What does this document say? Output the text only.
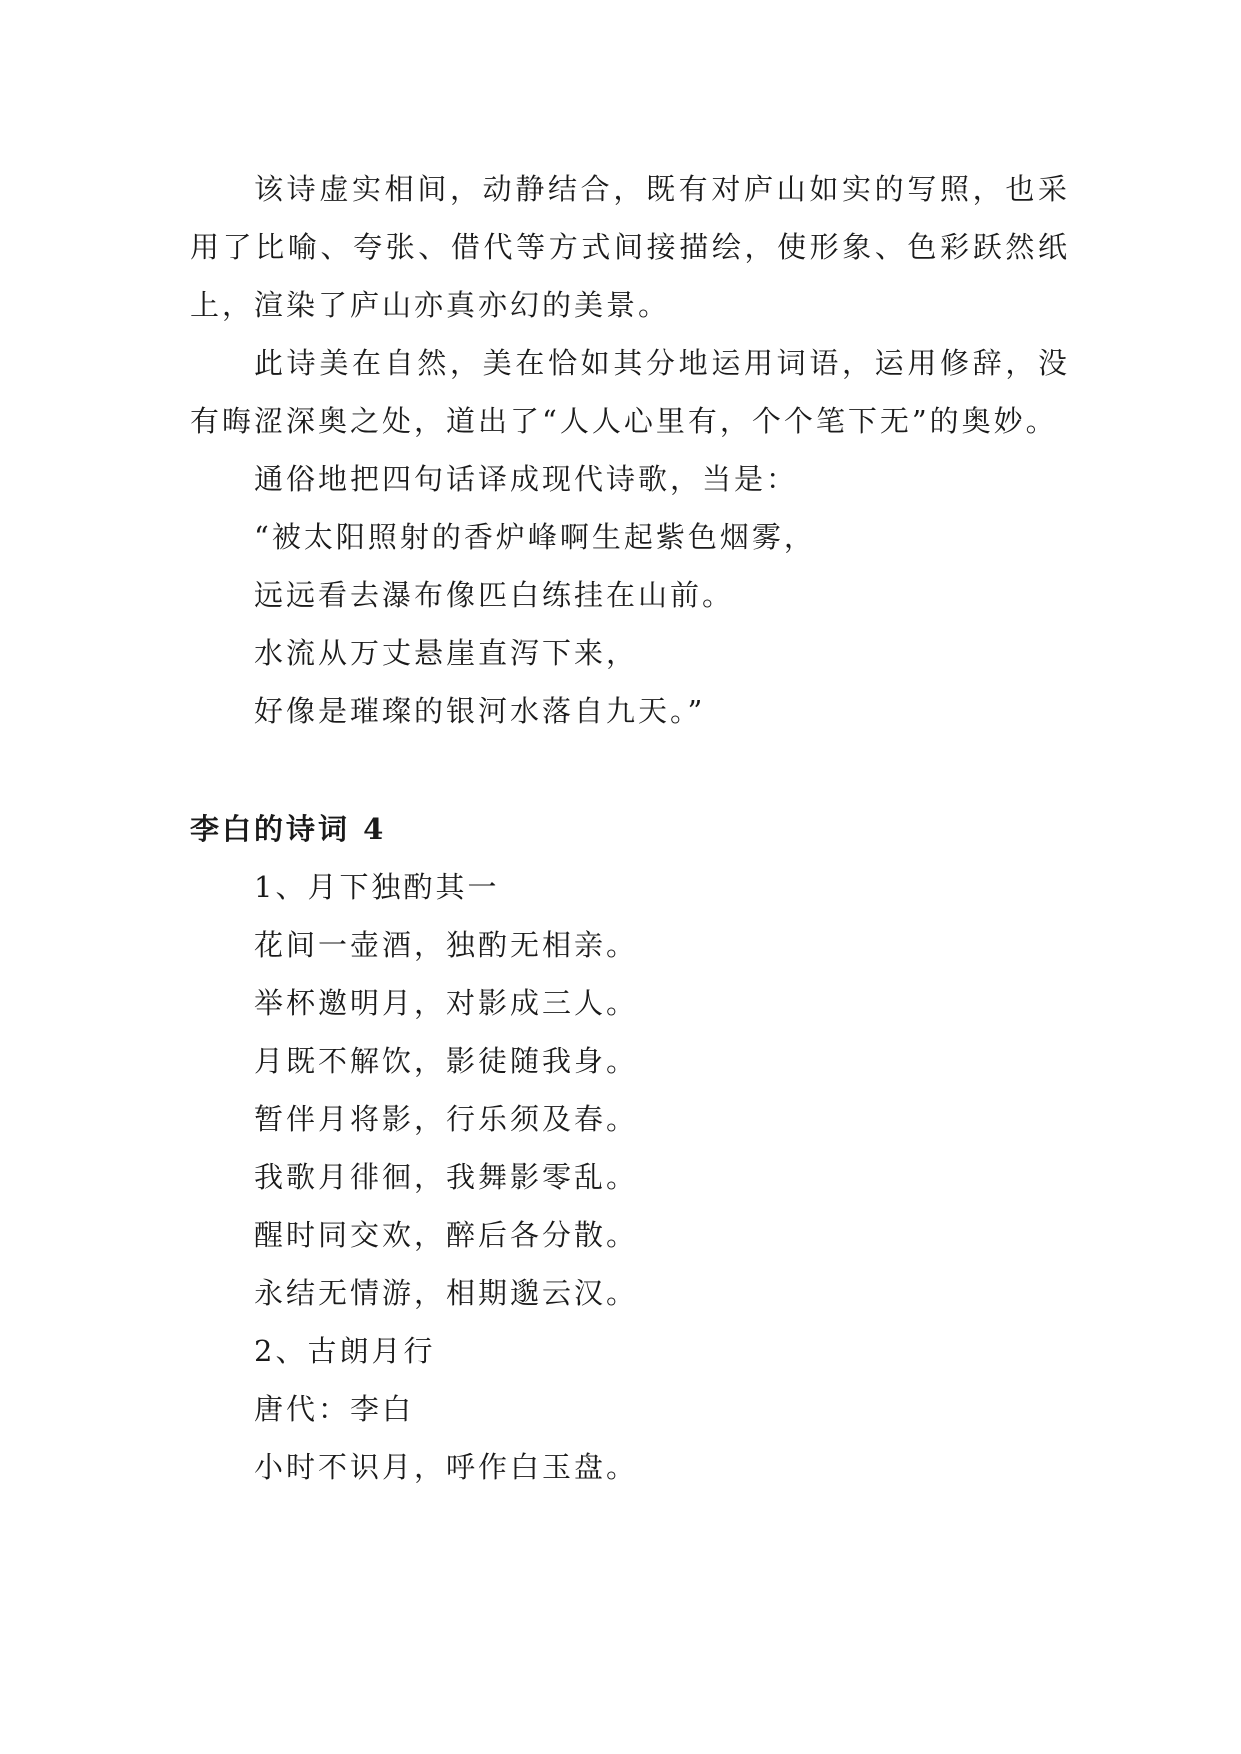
该诗虚实相间，动静结合，既有对庐山如实的写照，也采用了比喻、夸张、借代等方式间接描绘，使形象、色彩跃然纸上，渲染了庐山亦真亦幻的美景。

此诗美在自然，美在恰如其分地运用词语，运用修辞，没有晦涩深奥之处，道出了“人人心里有，个个笔下无”的奥妙。

通俗地把四句话译成现代诗歌，当是：

“被太阳照射的香炉峰啊生起紫色烟雾，

远远看去瀑布像匹白练挂在山前。

水流从万丈悬崖直泻下来，

好像是璀璨的银河水落自九天。”

李白的诗词 4

1、月下独酌其一

花间一壶酒，独酌无相亲。

举杯邀明月，对影成三人。

月既不解饮，影徒随我身。

暂伴月将影，行乐须及春。

我歌月徘徊，我舞影零乱。

醒时同交欢，醉后各分散。

永结无情游，相期邈云汉。

2、古朗月行

唐代：李白

小时不识月，呼作白玉盘。
